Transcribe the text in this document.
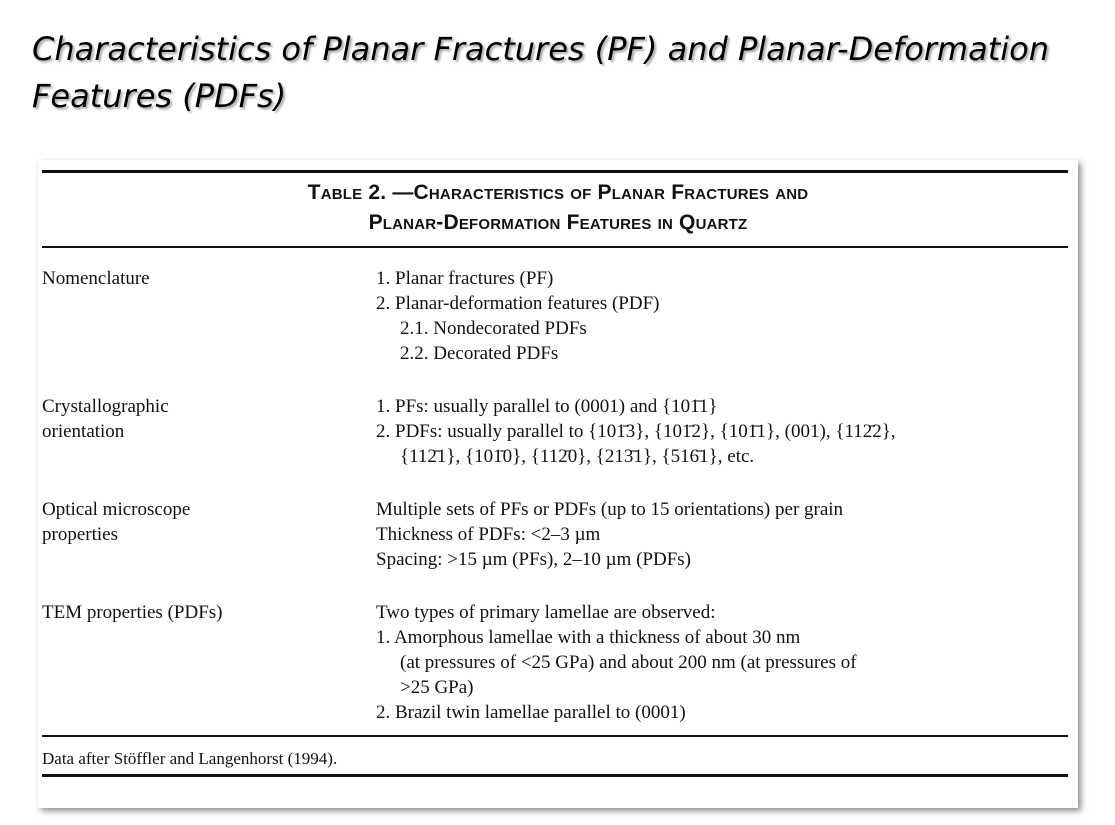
Characteristics of Planar Fractures (PF) and Planar-Deformation Features (PDFs)
Table 2. —Characteristics of Planar Fractures and
Planar-Deformation Features in Quartz
Nomenclature	1. Planar fractures (PF)
2. Planar-deformation features (PDF)
2.1. Nondecorated PDFs
2.2. Decorated PDFs
Crystallographic
orientation
1. PFs: usually parallel to (0001) and {101̄1}
2. PDFs: usually parallel to {101̄3}, {101̄2}, {101̄1}, (001), {112̄2},
{112̄1}, {101̄0}, {112̄0}, {213̄1}, {516̄1}, etc.
Optical microscope
properties
Multiple sets of PFs or PDFs (up to 15 orientations) per grain
Thickness of PDFs: <2–3 µm
Spacing: >15 µm (PFs), 2–10 µm (PDFs)
TEM properties (PDFs)	Two types of primary lamellae are observed:
1. Amorphous lamellae with a thickness of about 30 nm
(at pressures of <25 GPa) and about 200 nm (at pressures of
>25 GPa)
2. Brazil twin lamellae parallel to (0001)
Data after Stöffler and Langenhorst (1994).
